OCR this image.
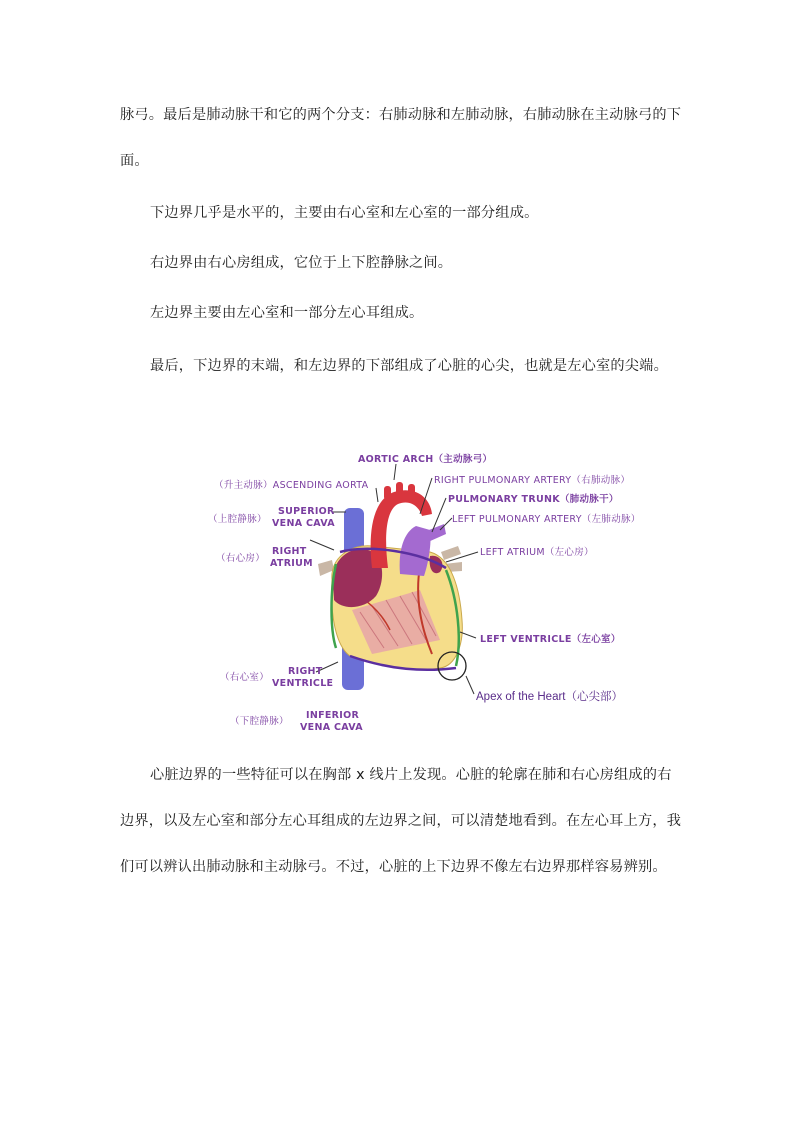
脉弓。最后是肺动脉干和它的两个分支：右肺动脉和左肺动脉，右肺动脉在主动脉弓的下面。

下边界几乎是水平的，主要由右心室和左心室的一部分组成。

右边界由右心房组成，它位于上下腔静脉之间。

左边界主要由左心室和一部分左心耳组成。

最后，下边界的末端，和左边界的下部组成了心脏的心尖，也就是左心室的尖端。

AORTIC ARCH（主动脉弓）
（升主动脉）ASCENDING AORTA	RIGHT PULMONARY ARTERY（右肺动脉）
PULMONARY TRUNK（肺动脉干）
LEFT PULMONARY ARTERY（左肺动脉）
（上腔静脉）
SUPERIOR
VENA CAVA
（右心房）
RIGHT
ATRIUM
LEFT ATRIUM（左心房）
LEFT VENTRICLE（左心室）
（右心室）
RIGHT
VENTRICLE
Apex of the Heart（心尖部）
（下腔静脉）
INFERIOR
VENA CAVA

心脏边界的一些特征可以在胸部 x 线片上发现。心脏的轮廓在肺和右心房组成的右边界，以及左心室和部分左心耳组成的左边界之间，可以清楚地看到。在左心耳上方，我们可以辨认出肺动脉和主动脉弓。不过，心脏的上下边界不像左右边界那样容易辨别。
